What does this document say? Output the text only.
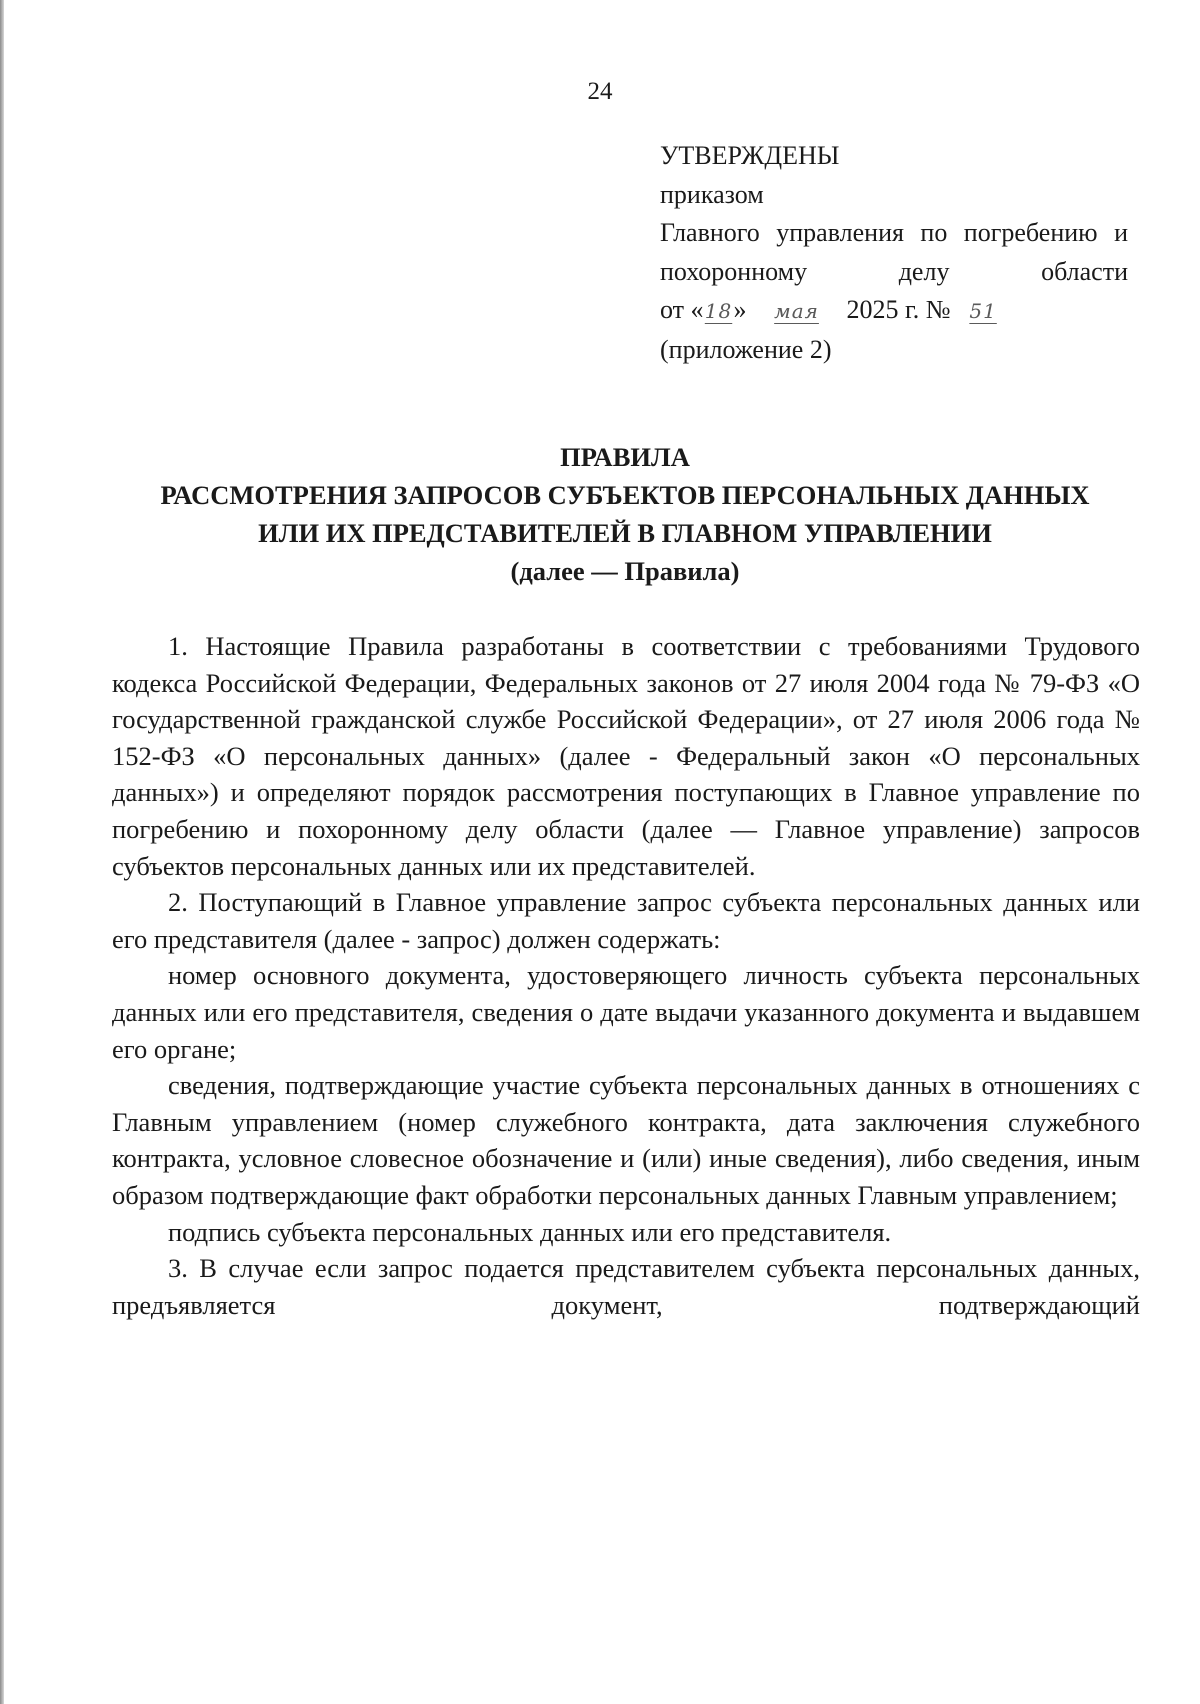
24
УТВЕРЖДЕНЫ
приказом
Главного управления по погребению и похоронному делу области
от «18» мая 2025 г. № 51
(приложение 2)
ПРАВИЛА
РАССМОТРЕНИЯ ЗАПРОСОВ СУБЪЕКТОВ ПЕРСОНАЛЬНЫХ ДАННЫХ
ИЛИ ИХ ПРЕДСТАВИТЕЛЕЙ В ГЛАВНОМ УПРАВЛЕНИИ
(далее — Правила)

1. Настоящие Правила разработаны в соответствии с требованиями Трудового кодекса Российской Федерации, Федеральных законов от 27 июля 2004 года № 79-ФЗ «О государственной гражданской службе Российской Федерации», от 27 июля 2006 года № 152-ФЗ «О персональных данных» (далее - Федеральный закон «О персональных данных») и определяют порядок рассмотрения поступающих в Главное управление по погребению и похоронному делу области (далее — Главное управление) запросов субъектов персональных данных или их представителей.

2. Поступающий в Главное управление запрос субъекта персональных данных или его представителя (далее - запрос) должен содержать:

номер основного документа, удостоверяющего личность субъекта персональных данных или его представителя, сведения о дате выдачи указанного документа и выдавшем его органе;

сведения, подтверждающие участие субъекта персональных данных в отношениях с Главным управлением (номер служебного контракта, дата заключения служебного контракта, условное словесное обозначение и (или) иные сведения), либо сведения, иным образом подтверждающие факт обработки персональных данных Главным управлением;

подпись субъекта персональных данных или его представителя.

3. В случае если запрос подается представителем субъекта персональных данных, предъявляется документ, подтверждающий
